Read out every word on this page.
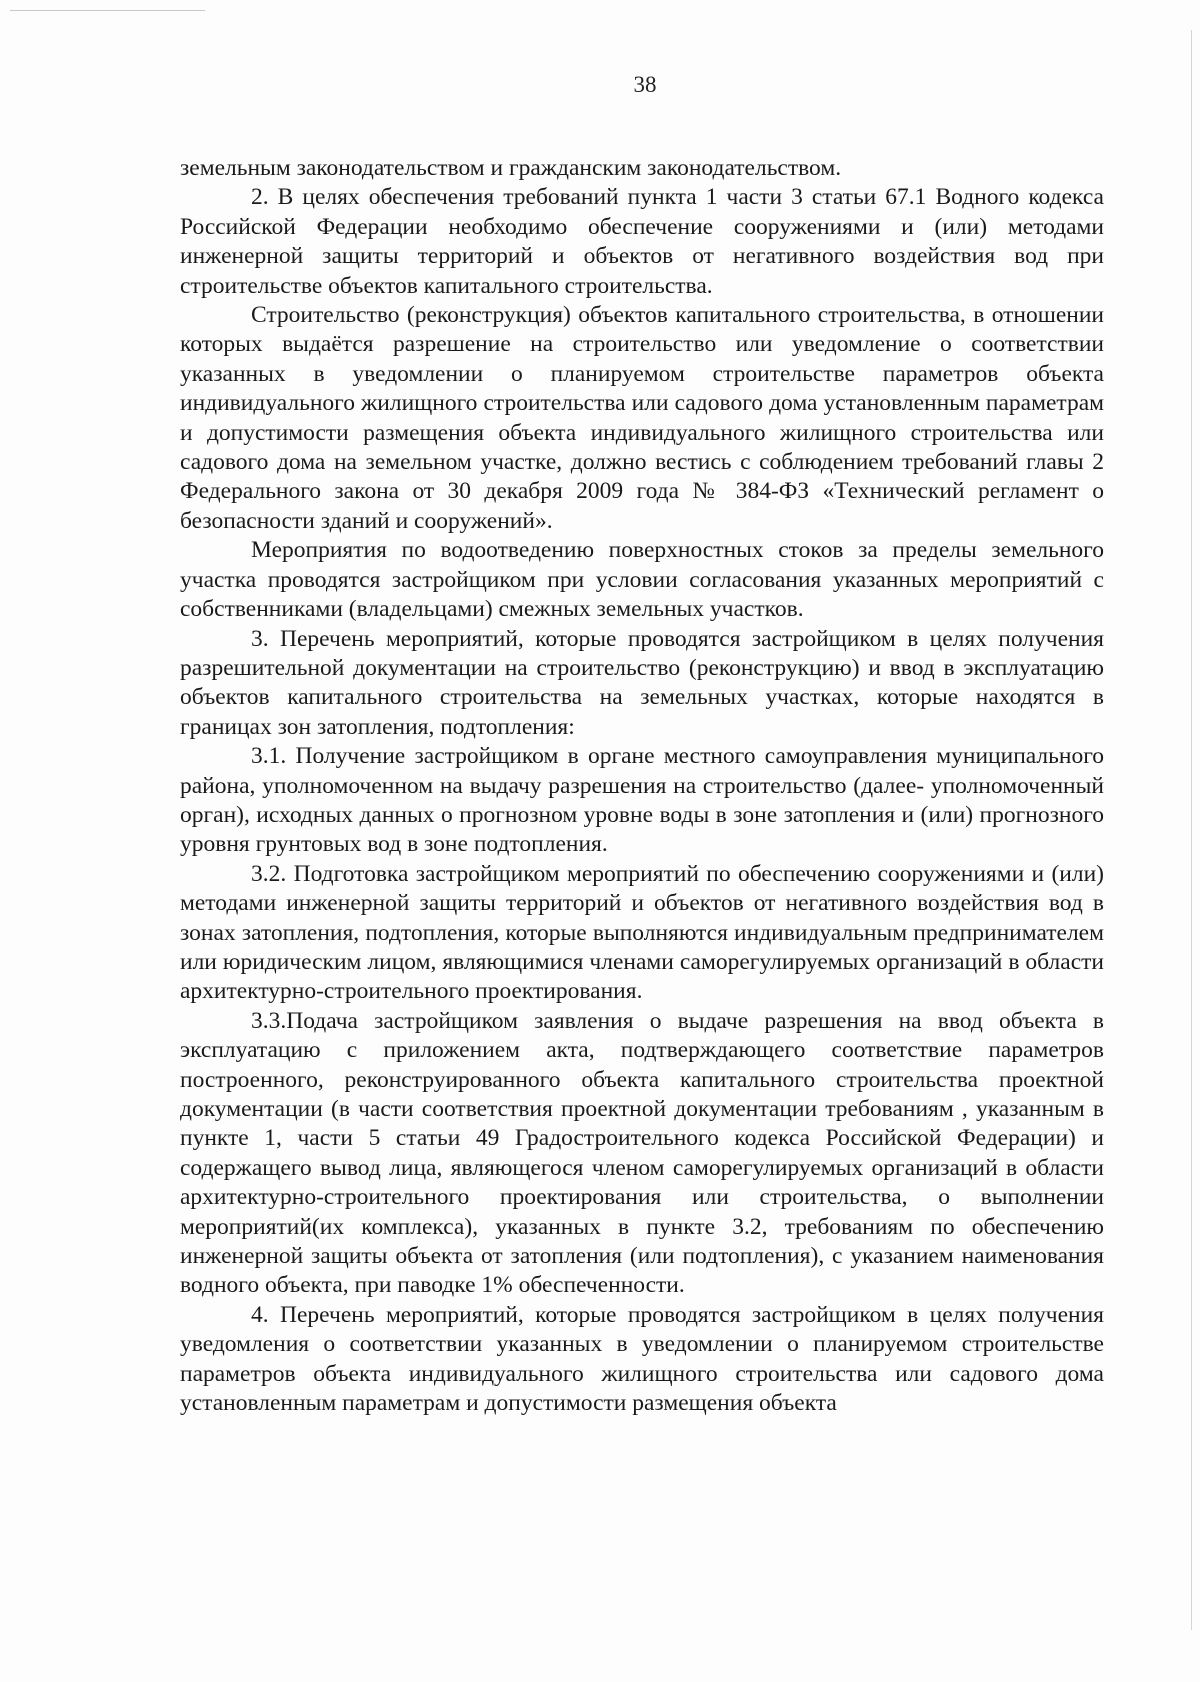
38

земельным законодательством и гражданским законодательством.

2. В целях обеспечения требований пункта 1 части 3 статьи 67.1 Водного кодекса Российской Федерации необходимо обеспечение сооружениями и (или) методами инженерной защиты территорий и объектов от негативного воздействия вод при строительстве объектов капитального строительства.

Строительство (реконструкция) объектов капитального строительства, в отношении которых выдаётся разрешение на строительство или уведомление о соответствии указанных в уведомлении о планируемом строительстве параметров объекта индивидуального жилищного строительства или садового дома установленным параметрам и допустимости размещения объекта индивидуального жилищного строительства или садового дома на земельном участке, должно вестись с соблюдением требований главы 2 Федерального закона от 30 декабря 2009 года № 384-ФЗ «Технический регламент о безопасности зданий и сооружений».

Мероприятия по водоотведению поверхностных стоков за пределы земельного участка проводятся застройщиком при условии согласования указанных мероприятий с собственниками (владельцами) смежных земельных участков.

3. Перечень мероприятий, которые проводятся застройщиком в целях получения разрешительной документации на строительство (реконструкцию) и ввод в эксплуатацию объектов капитального строительства на земельных участках, которые находятся в границах зон затопления, подтопления:

3.1. Получение застройщиком в органе местного самоуправления муниципального района, уполномоченном на выдачу разрешения на строительство (далее- уполномоченный орган), исходных данных о прогнозном уровне воды в зоне затопления и (или) прогнозного уровня грунтовых вод в зоне подтопления.

3.2. Подготовка застройщиком мероприятий по обеспечению сооружениями и (или) методами инженерной защиты территорий и объектов от негативного воздействия вод в зонах затопления, подтопления, которые выполняются индивидуальным предпринимателем или юридическим лицом, являющимися членами саморегулируемых организаций в области архитектурно-строительного проектирования.

3.3.Подача застройщиком заявления о выдаче разрешения на ввод объекта в эксплуатацию с приложением акта, подтверждающего соответствие параметров построенного, реконструированного объекта капитального строительства проектной документации (в части соответствия проектной документации требованиям , указанным в пункте 1, части 5 статьи 49 Градостроительного кодекса Российской Федерации) и содержащего вывод лица, являющегося членом саморегулируемых организаций в области архитектурно-строительного проектирования или строительства, о выполнении мероприятий(их комплекса), указанных в пункте 3.2, требованиям по обеспечению инженерной защиты объекта от затопления (или подтопления), с указанием наименования водного объекта, при паводке 1% обеспеченности.

4. Перечень мероприятий, которые проводятся застройщиком в целях получения уведомления о соответствии указанных в уведомлении о планируемом строительстве параметров объекта индивидуального жилищного строительства или садового дома установленным параметрам и допустимости размещения объекта
